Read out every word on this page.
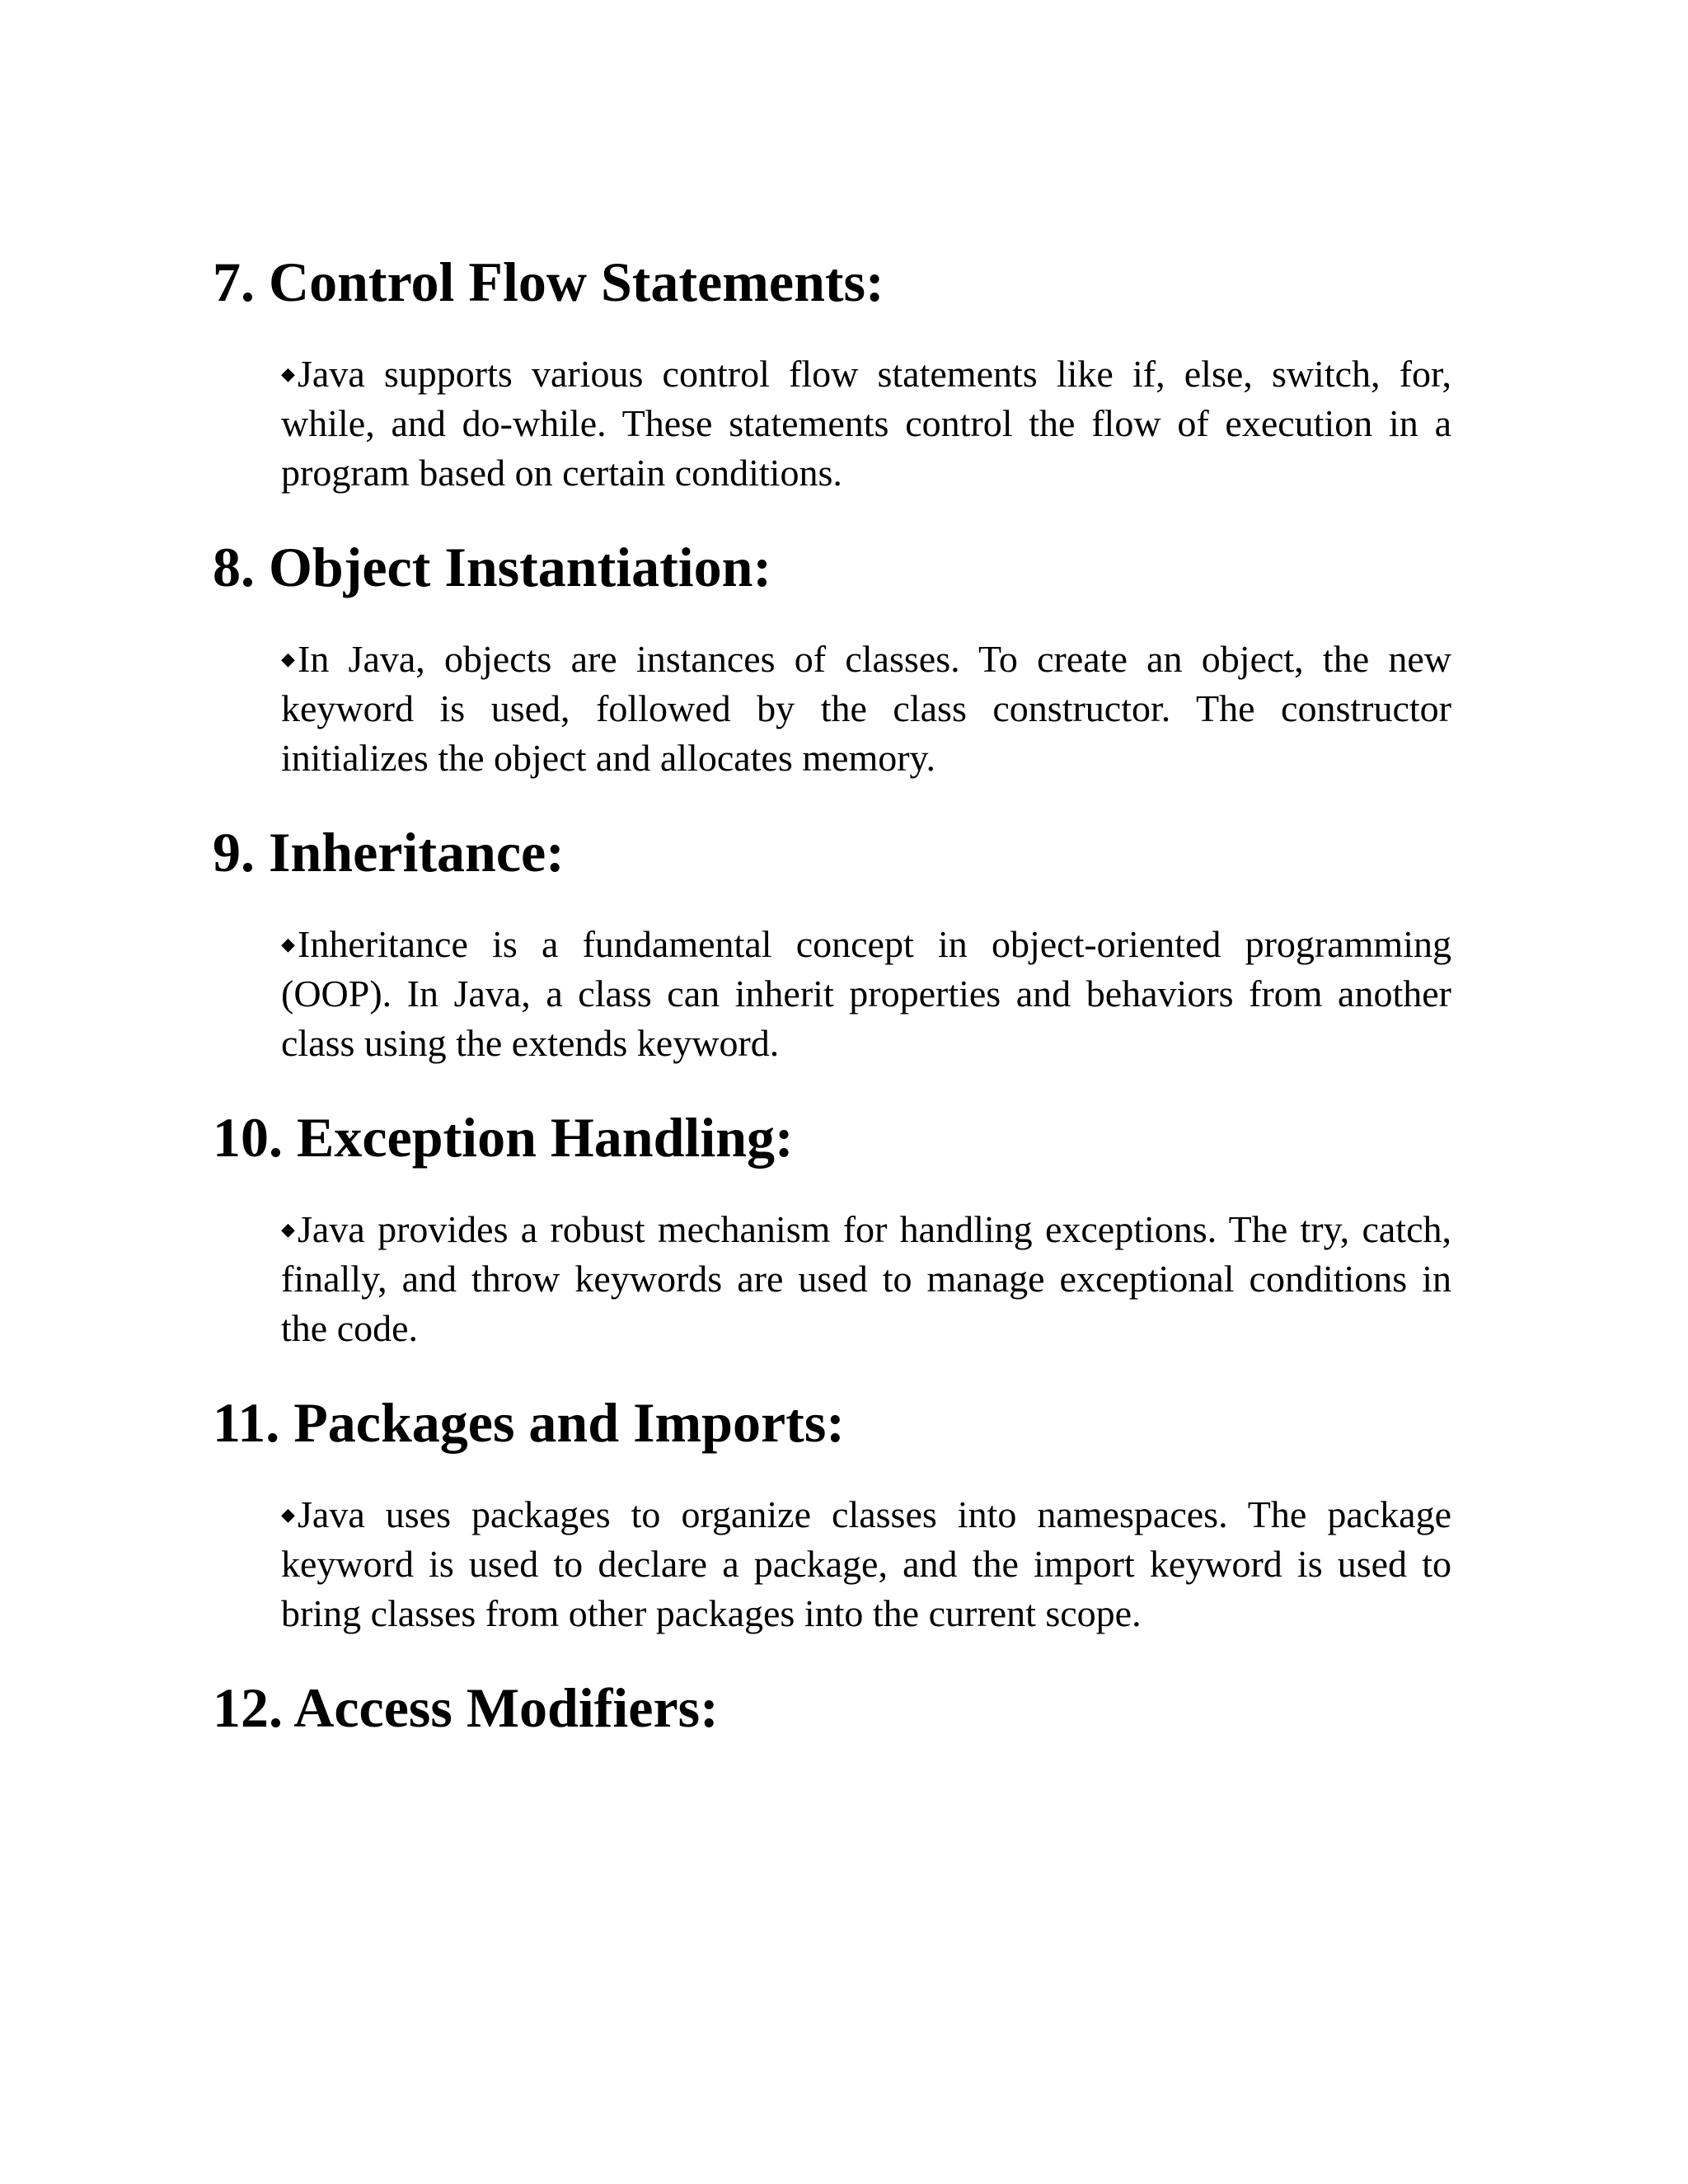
7. Control Flow Statements:

◆Java supports various control flow statements like if, else, switch, for, while, and do-while. These statements control the flow of execution in a program based on certain conditions.

8. Object Instantiation:

◆In Java, objects are instances of classes. To create an object, the new keyword is used, followed by the class constructor. The constructor initializes the object and allocates memory.

9. Inheritance:

◆Inheritance is a fundamental concept in object-oriented programming (OOP). In Java, a class can inherit properties and behaviors from another class using the extends keyword.

10. Exception Handling:

◆Java provides a robust mechanism for handling exceptions. The try, catch, finally, and throw keywords are used to manage exceptional conditions in the code.

11. Packages and Imports:

◆Java uses packages to organize classes into namespaces. The package keyword is used to declare a package, and the import keyword is used to bring classes from other packages into the current scope.

12. Access Modifiers:
